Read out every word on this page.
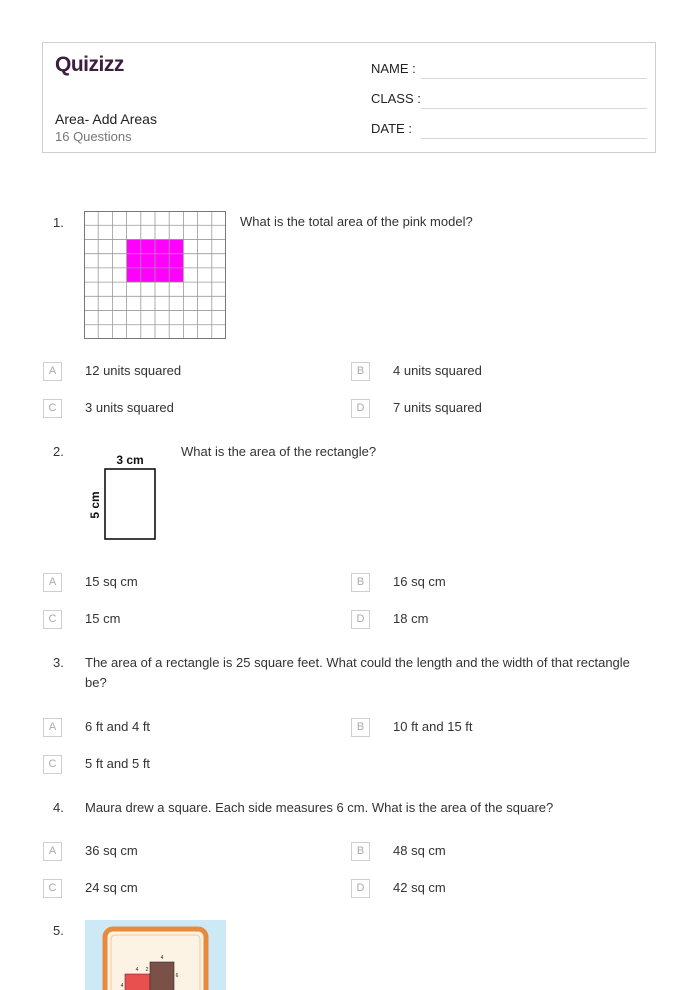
Quizizz
Area- Add Areas
16 Questions
NAME :
CLASS :
DATE :
1.	What is the total area of the pink model?
A	12 units squared	B	4 units squared
C	3 units squared	D	7 units squared
2.
3 cm
5 cm
What is the area of the rectangle?
A	15 sq cm	B	16 sq cm
C	15 cm	D	18 cm
3. The area of a rectangle is 25 square feet. What could the length and the width of that rectangle be?
A	6 ft and 4 ft	B	10 ft and 15 ft
C	5 ft and 5 ft
4. Maura drew a square. Each side measures 6 cm. What is the area of the square?
A	36 sq cm	B	48 sq cm
C	24 sq cm	D	42 sq cm
5.
4
4
2
6
4
